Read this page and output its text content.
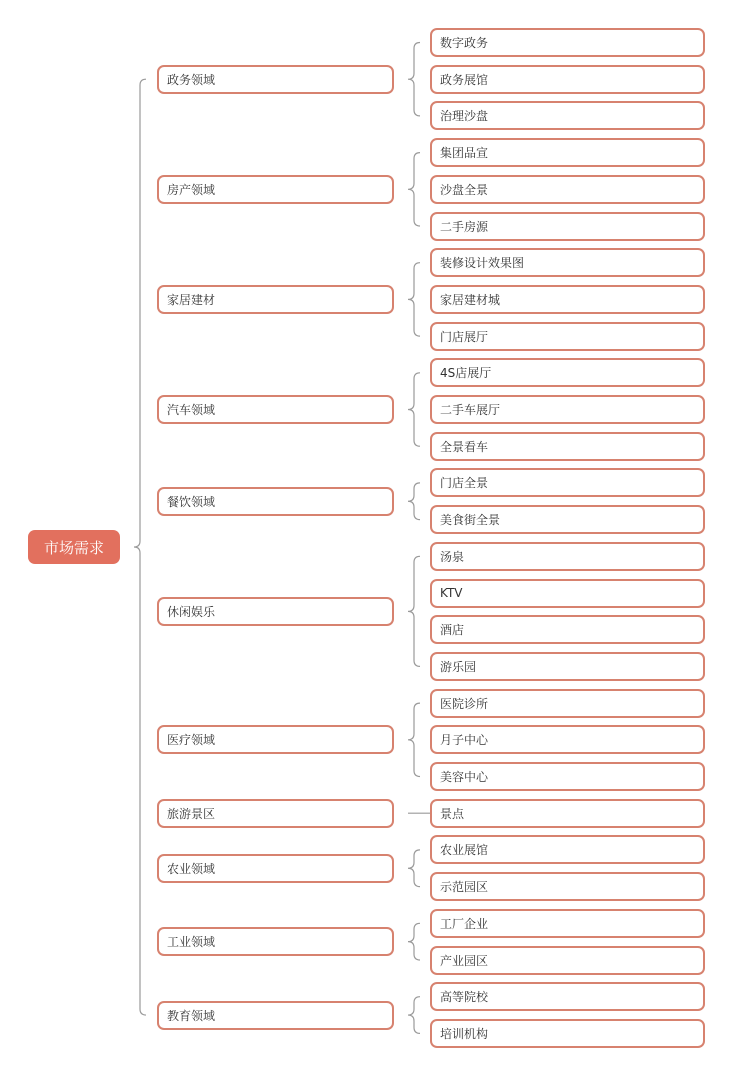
市场需求
数字政务
政务展馆
治理沙盘
政务领域
集团品宣
沙盘全景
二手房源
房产领域
装修设计效果图
家居建材城
门店展厅
家居建材
4S店展厅
二手车展厅
全景看车
汽车领域
门店全景
美食街全景
餐饮领域
汤泉
KTV
酒店
游乐园
休闲娱乐
医院诊所
月子中心
美容中心
医疗领域
景点
旅游景区
农业展馆
示范园区
农业领域
工厂企业
产业园区
工业领域
高等院校
培训机构
教育领域
